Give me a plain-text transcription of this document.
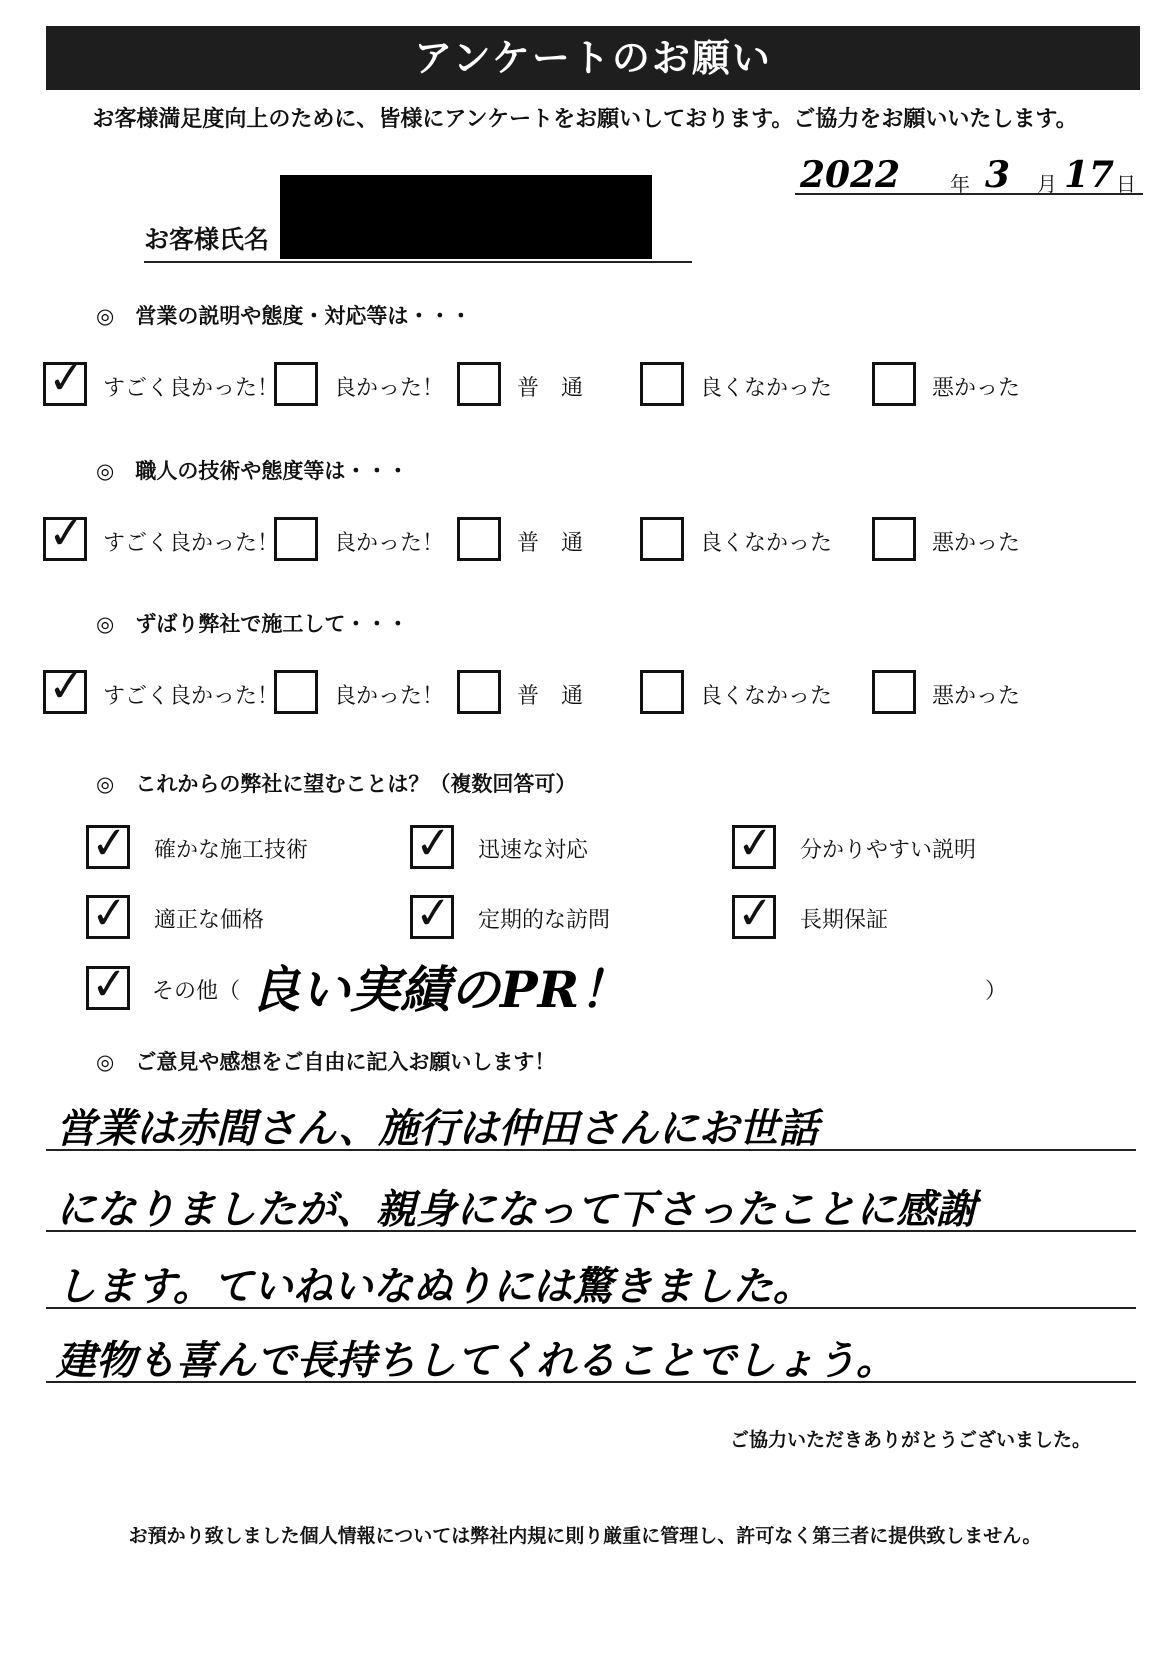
アンケートのお願い
お客様満足度向上のために、皆様にアンケートをお願いしております。ご協力をお願いいたします。
2022 年 3 月 17 日
お客様氏名
◎　営業の説明や態度・対応等は・・・
✓ すごく良かった！ 良かった！	普　通	良くなかった	悪かった
◎　職人の技術や態度等は・・・
✓ すごく良かった！ 良かった！	普　通	良くなかった	悪かった
◎　ずばり弊社で施工して・・・
✓ すごく良かった！ 良かった！	普　通	良くなかった	悪かった
◎　これからの弊社に望むことは？（複数回答可）
✓ 確かな施工技術 ✓ 迅速な対応	✓ 分かりやすい説明
✓ 適正な価格	✓ 定期的な訪問	✓ 長期保証
✓ その他（ 良い実績のPR！	）
◎　ご意見や感想をご自由に記入お願いします！
営業は赤間さん、施行は仲田さんにお世話
になりましたが、親身になって下さったことに感謝
します。ていねいなぬりには驚きました。
建物も喜んで長持ちしてくれることでしょう。
ご協力いただきありがとうございました。
お預かり致しました個人情報については弊社内規に則り厳重に管理し、許可なく第三者に提供致しません。
